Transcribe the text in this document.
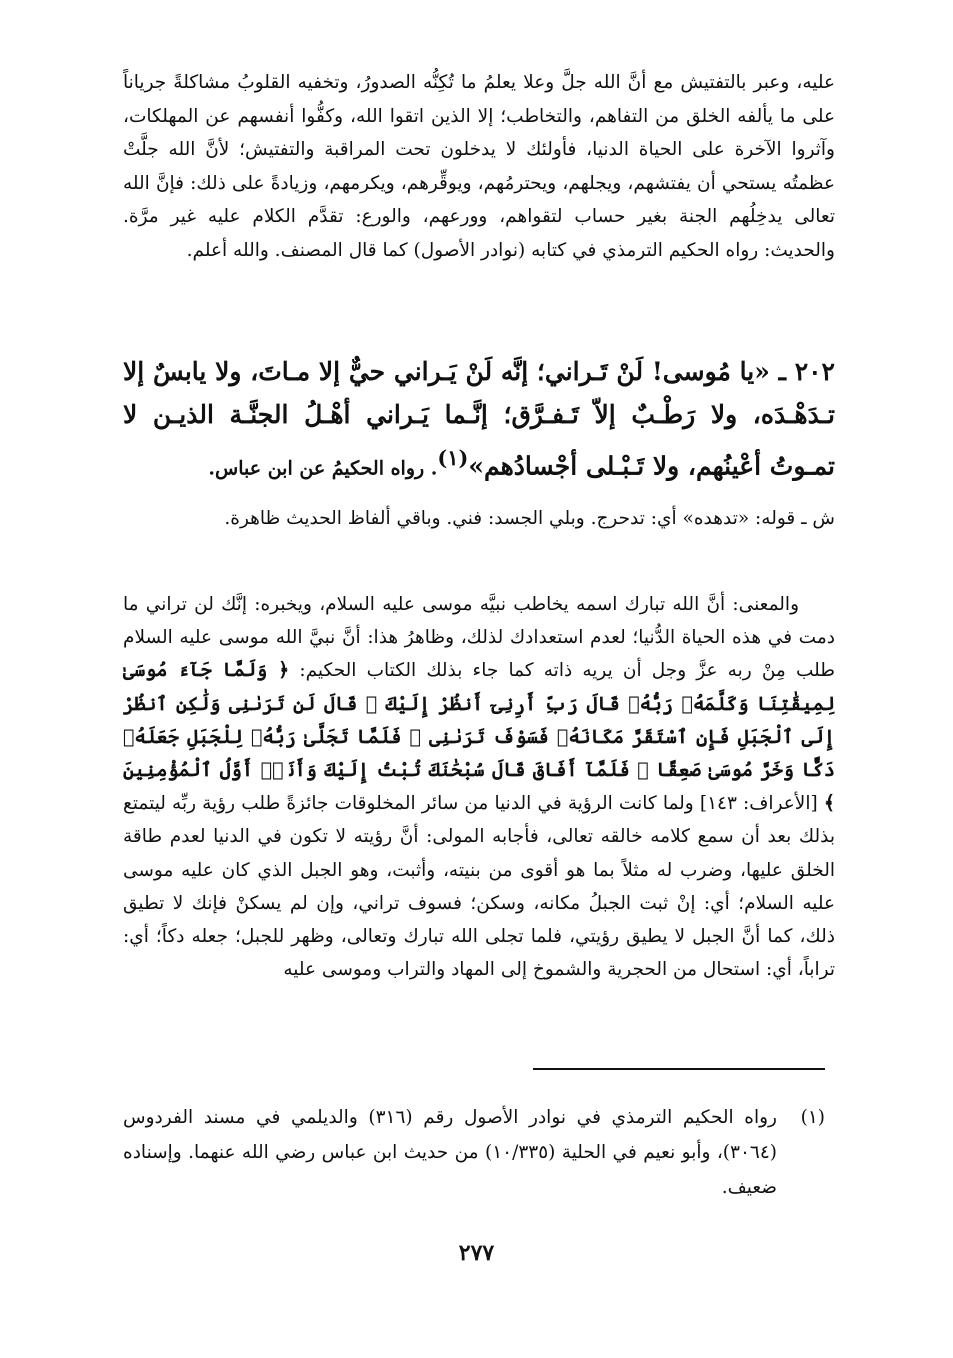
عليه، وعبر بالتفتيش مع أنَّ الله جلَّ وعلا يعلمُ ما تُكِنُّه الصدورُ، وتخفيه القلوبُ مشاكلةً جرياناً على ما يألفه الخلق من التفاهم، والتخاطب؛ إلا الذين اتقوا الله، وكفُّوا أنفسهم عن المهلكات، وآثروا الآخرة على الحياة الدنيا، فأولئك لا يدخلون تحت المراقبة والتفتيش؛ لأنَّ الله جلَّتْ عظمتُه يستحي أن يفتشهم، ويجلهم، ويحترمُهم، ويوقِّرهم، ويكرمهم، وزيادةً على ذلك: فإنَّ الله تعالى يدخِلُهم الجنة بغير حساب لتقواهم، وورعهم، والورع: تقدَّم الكلام عليه غير مرَّة. والحديث: رواه الحكيم الترمذي في كتابه (نوادر الأصول) كما قال المصنف. والله أعلم.

٢٠٢ ـ «يا مُوسى! لَنْ تَـراني؛ إنَّه لَنْ يَـراني حيٌّ إلا مـاتَ، ولا يابسٌ إلا تـدَهْـدَه، ولا رَطْـبٌ إلاّ تَـفـرَّق؛ إنَّـما يَـراني أهْـلُ الجنَّـة الذيـن لا تمـوتُ أعْينُهم، ولا تَـبْـلى أجْسادُهم»$^{(١)}$. رواه الحكيمُ عن ابن عباس.

ش ـ قوله: «تدهده» أي: تدحرج. وبلي الجسد: فني. وباقي ألفاظ الحديث ظاهرة.

والمعنى: أنَّ الله تبارك اسمه يخاطب نبيَّه موسى عليه السلام، ويخبره: إنَّك لن تراني ما دمت في هذه الحياة الدُّنيا؛ لعدم استعدادك لذلك، وظاهرُ هذا: أنَّ نبيَّ الله موسى عليه السلام طلب مِنْ ربه عزَّ وجل أن يريه ذاته كما جاء بذلك الكتاب الحكيم: ﴿ وَلَمَّا جَآءَ مُوسَىٰ لِمِيقَٰتِنَا وَكَلَّمَهُۥ رَبُّهُۥ قَالَ رَبِّ أَرِنِىٓ أَنظُرْ إِلَيْكَ ۚ قَالَ لَن تَرَىٰنِى وَلَٰكِنِ ٱنظُرْ إِلَى ٱلْجَبَلِ فَإِنِ ٱسْتَقَرَّ مَكَانَهُۥ فَسَوْفَ تَرَىٰنِى ۚ فَلَمَّا تَجَلَّىٰ رَبُّهُۥ لِلْجَبَلِ جَعَلَهُۥ دَكًّا وَخَرَّ مُوسَىٰ صَعِقًا ۚ فَلَمَّآ أَفَاقَ قَالَ سُبْحَٰنَكَ تُبْتُ إِلَيْكَ وَأَنَا۠ أَوَّلُ ٱلْمُؤْمِنِينَ ﴾ [الأعراف: ١٤٣] ولما كانت الرؤية في الدنيا من سائر المخلوقات جائزةً طلب رؤية ربِّه ليتمتع بذلك بعد أن سمع كلامه خالقه تعالى، فأجابه المولى: أنَّ رؤيته لا تكون في الدنيا لعدم طاقة الخلق عليها، وضرب له مثلاً بما هو أقوى من بنيته، وأثبت، وهو الجبل الذي كان عليه موسى عليه السلام؛ أي: إنْ ثبت الجبلُ مكانه، وسكن؛ فسوف تراني، وإن لم يسكنْ فإنك لا تطيق ذلك، كما أنَّ الجبل لا يطيق رؤيتي، فلما تجلى الله تبارك وتعالى، وظهر للجبل؛ جعله دكاً؛ أي: تراباً، أي: استحال من الحجرية والشموخ إلى المهاد والتراب وموسى عليه

(١)
رواه الحكيم الترمذي في نوادر الأصول رقم (٣١٦) والديلمي في مسند الفردوس (٣٠٦٤)، وأبو نعيم في الحلية (١٠/٣٣٥) من حديث ابن عباس رضي الله عنهما. وإسناده ضعيف.

٢٧٧
